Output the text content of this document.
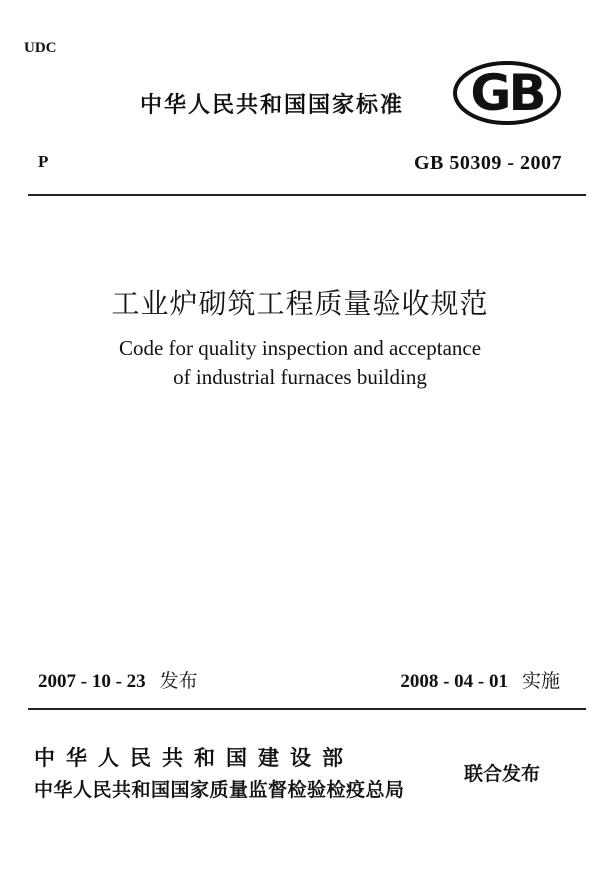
UDC
中华人民共和国国家标准 GB
P	GB 50309 - 2007
工业炉砌筑工程质量验收规范
Code for quality inspection and acceptance
of industrial furnaces building
2007 - 10 - 23 发布	2008 - 04 - 01 实施
中华人民共和国建设部
中华人民共和国国家质量监督检验检疫总局
联合发布
